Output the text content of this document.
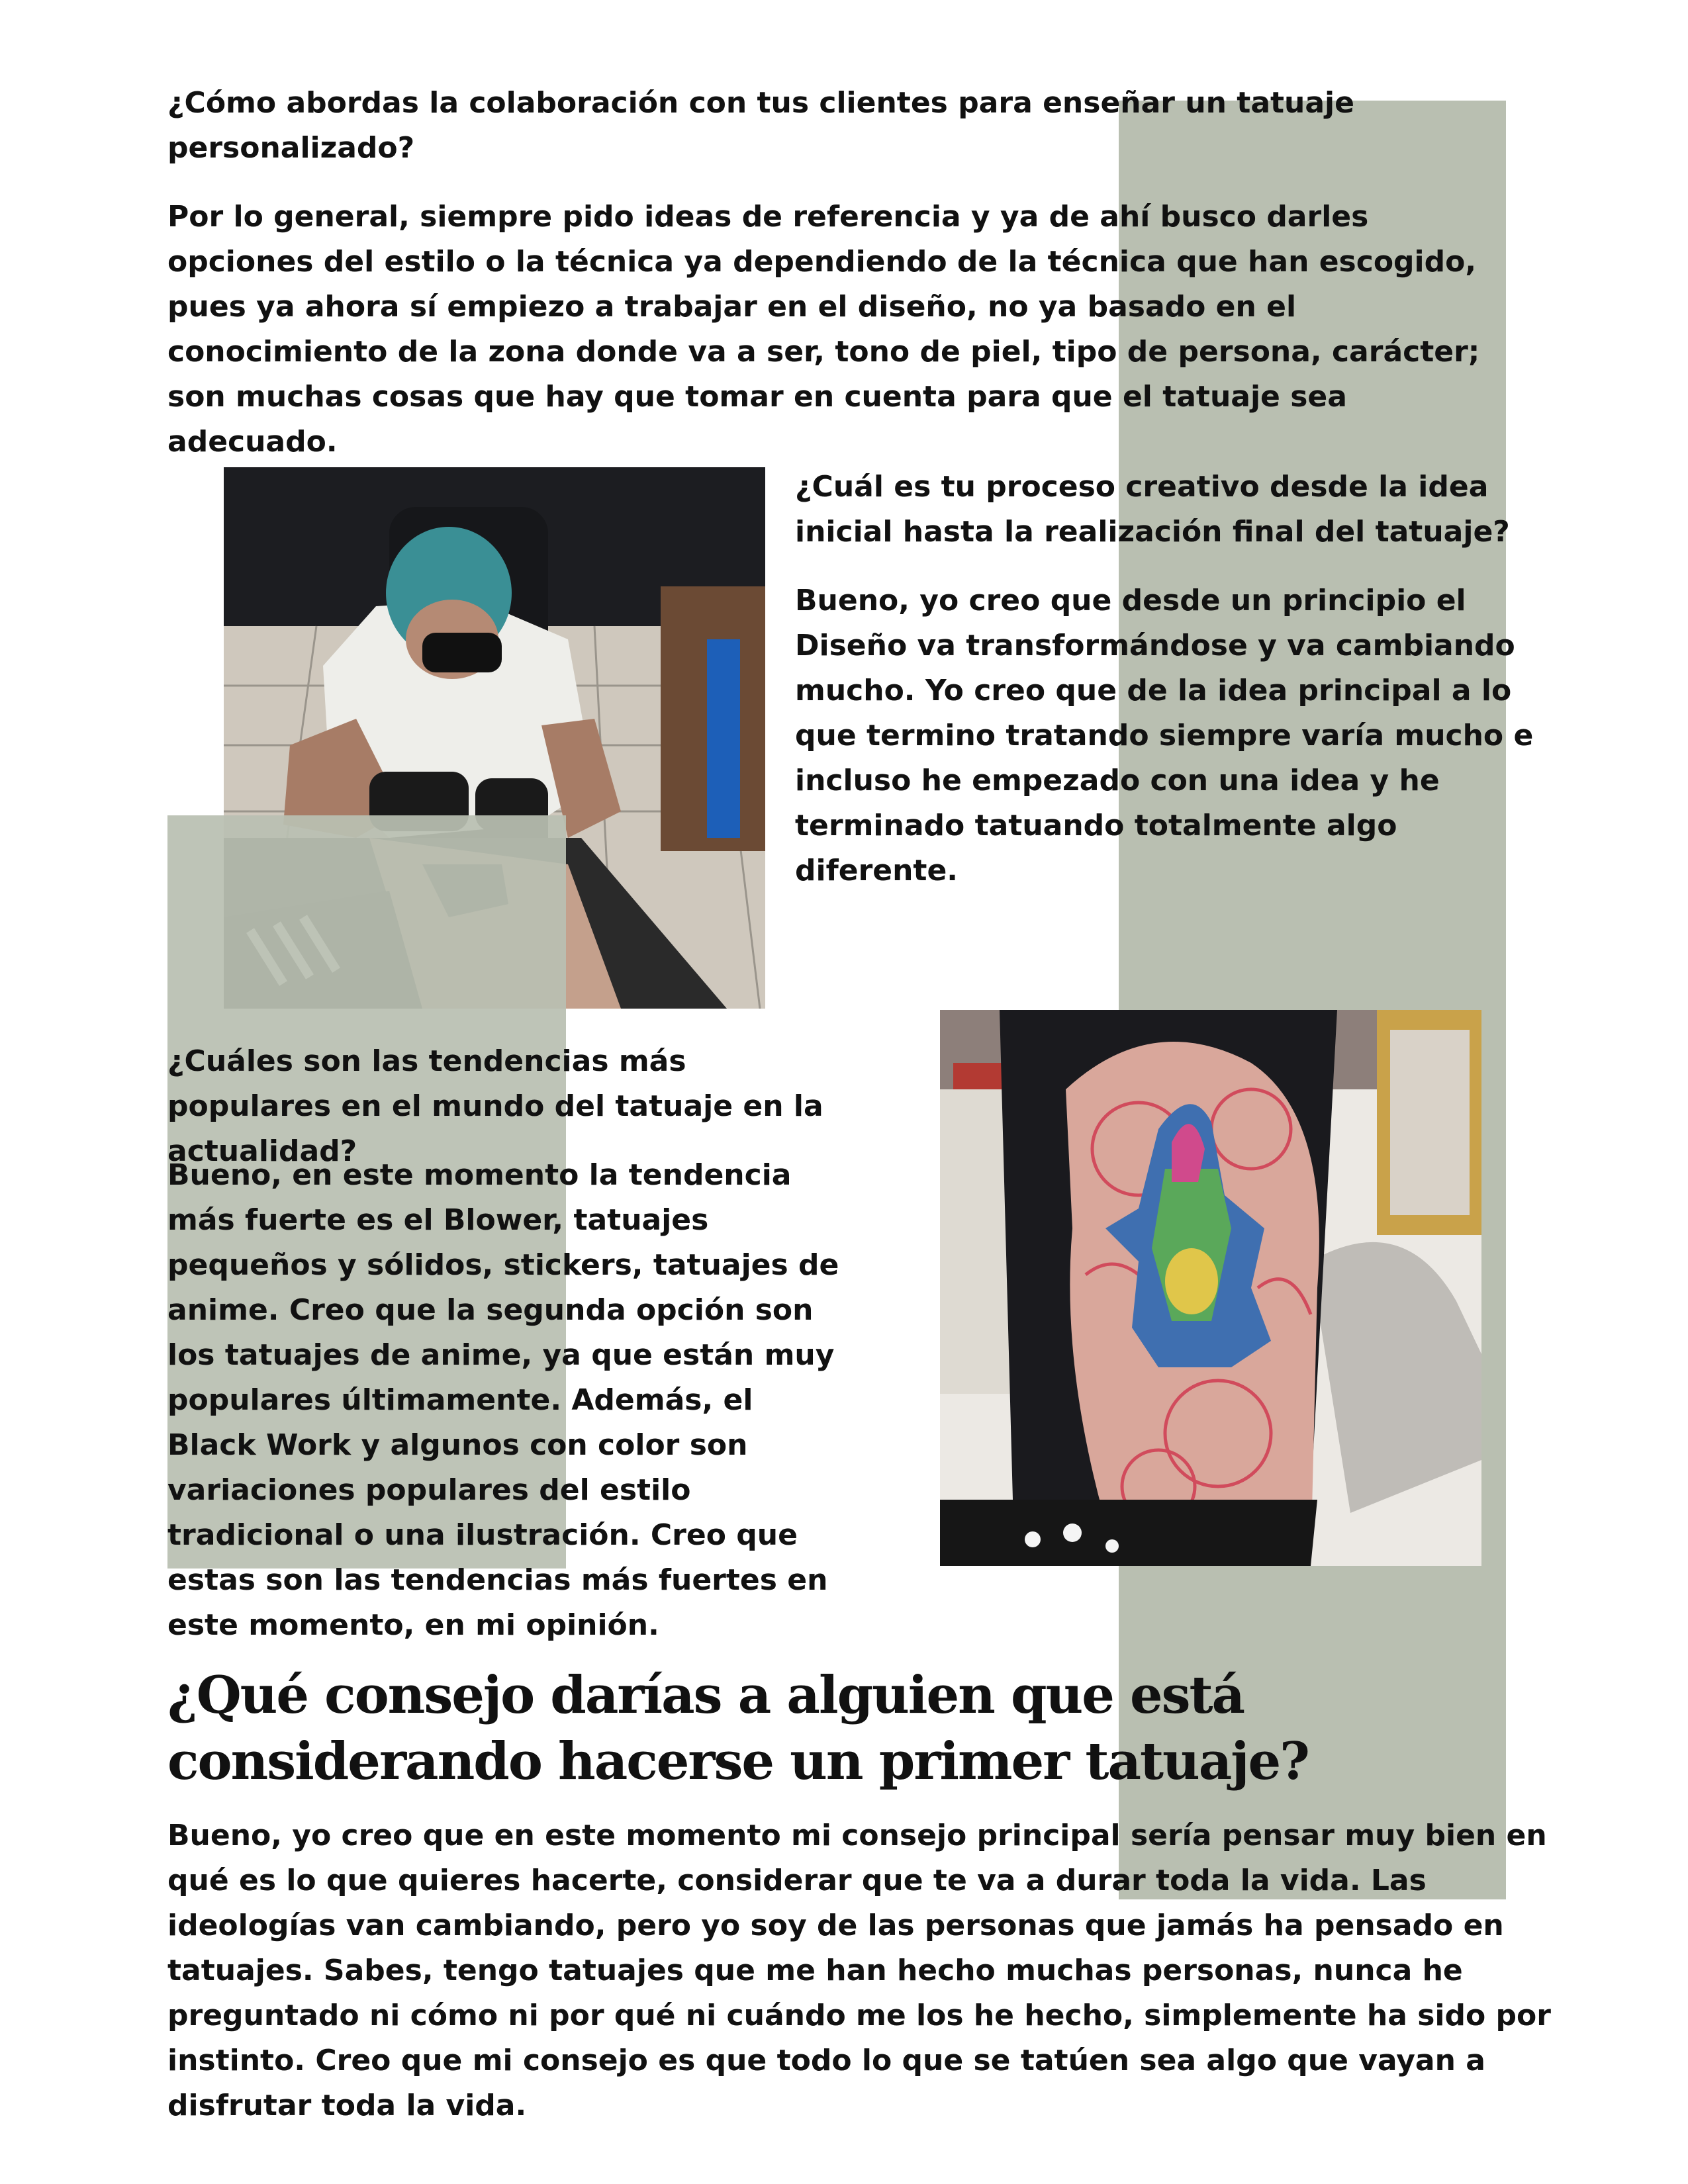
¿Cómo abordas la colaboración con tus clientes para enseñar un tatuaje personalizado?

Por lo general, siempre pido ideas de referencia y ya de ahí busco darles opciones del estilo o la técnica ya dependiendo de la técnica que han escogido, pues ya ahora sí empiezo a trabajar en el diseño, no ya basado en el conocimiento de la zona donde va a ser, tono de piel, tipo de persona, carácter; son muchas cosas que hay que tomar en cuenta para que el tatuaje sea adecuado.

¿Cuál es tu proceso creativo desde la idea inicial hasta la realización final del tatuaje?

Bueno, yo creo que desde un principio el Diseño va transformándose y va cambiando mucho. Yo creo que de la idea principal a lo que termino tratando siempre varía mucho e incluso he empezado con una idea y he terminado tatuando totalmente algo diferente.

¿Cuáles son las tendencias más populares en el mundo del tatuaje en la actualidad?

Bueno, en este momento la tendencia más fuerte es el Blower, tatuajes pequeños y sólidos, stickers, tatuajes de anime. Creo que la segunda opción son los tatuajes de anime, ya que están muy populares últimamente. Además, el Black Work y algunos con color son variaciones populares del estilo tradicional o una ilustración. Creo que estas son las tendencias más fuertes en este momento, en mi opinión.

¿Qué consejo darías a alguien que está considerando hacerse un primer tatuaje?

Bueno, yo creo que en este momento mi consejo principal sería pensar muy bien en qué es lo que quieres hacerte, considerar que te va a durar toda la vida. Las ideologías van cambiando, pero yo soy de las personas que jamás ha pensado en tatuajes. Sabes, tengo tatuajes que me han hecho muchas personas, nunca he preguntado ni cómo ni por qué ni cuándo me los he hecho, simplemente ha sido por instinto. Creo que mi consejo es que todo lo que se tatúen sea algo que vayan a disfrutar toda la vida.
